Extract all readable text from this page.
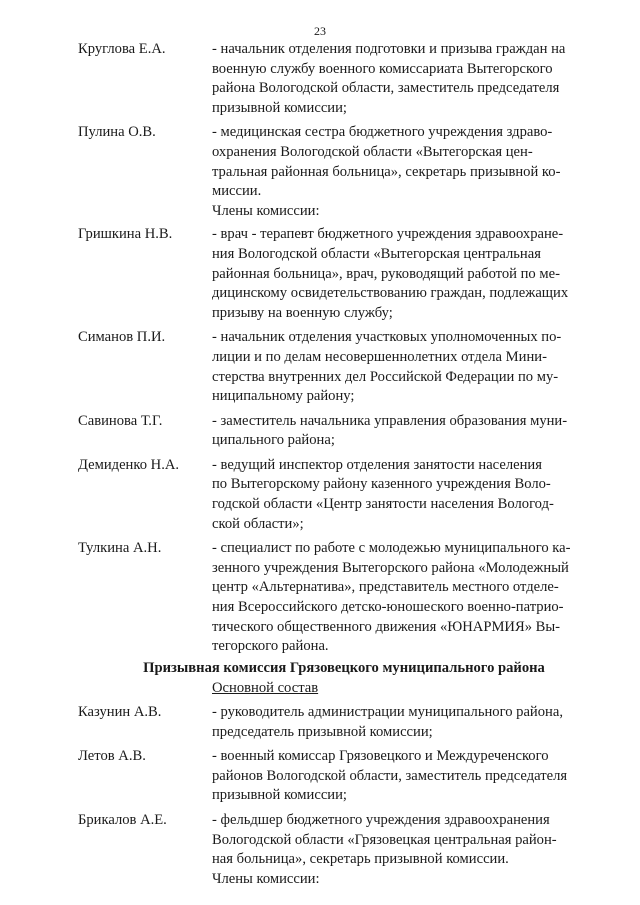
23
Круглова Е.А.	- начальник отделения подготовки и призыва граждан на
военную службу военного комиссариата Вытегорского
района Вологодской области, заместитель председателя
призывной комиссии;
Пулина О.В.	- медицинская сестра бюджетного учреждения здраво-
охранения Вологодской области «Вытегорская цен-
тральная районная больница», секретарь призывной ко-
миссии.
Члены комиссии:
Гришкина Н.В.	- врач - терапевт бюджетного учреждения здравоохране-
ния Вологодской области «Вытегорская центральная
районная больница», врач, руководящий работой по ме-
дицинскому освидетельствованию граждан, подлежащих
призыву на военную службу;
Симанов П.И.	- начальник отделения участковых уполномоченных по-
лиции и по делам несовершеннолетних отдела Мини-
стерства внутренних дел Российской Федерации по му-
ниципальному району;
Савинова Т.Г.	- заместитель начальника управления образования муни-
ципального района;
Демиденко Н.А.	- ведущий инспектор отделения занятости населения
по Вытегорскому району казенного учреждения Воло-
годской области «Центр занятости населения Вологод-
ской области»;
Тулкина А.Н.	- специалист по работе с молодежью муниципального ка-
зенного учреждения Вытегорского района «Молодежный
центр «Альтернатива», представитель местного отделе-
ния Всероссийского детско-юношеского военно-патрио-
тического общественного движения «ЮНАРМИЯ» Вы-
тегорского района.
Призывная комиссия Грязовецкого муниципального района
Основной состав
Казунин А.В.	- руководитель администрации муниципального района,
председатель призывной комиссии;
Летов А.В.	- военный комиссар Грязовецкого и Междуреченского
районов Вологодской области, заместитель председателя
призывной комиссии;
Брикалов А.Е.	- фельдшер бюджетного учреждения здравоохранения
Вологодской области «Грязовецкая центральная район-
ная больница», секретарь призывной комиссии.
Члены комиссии:
